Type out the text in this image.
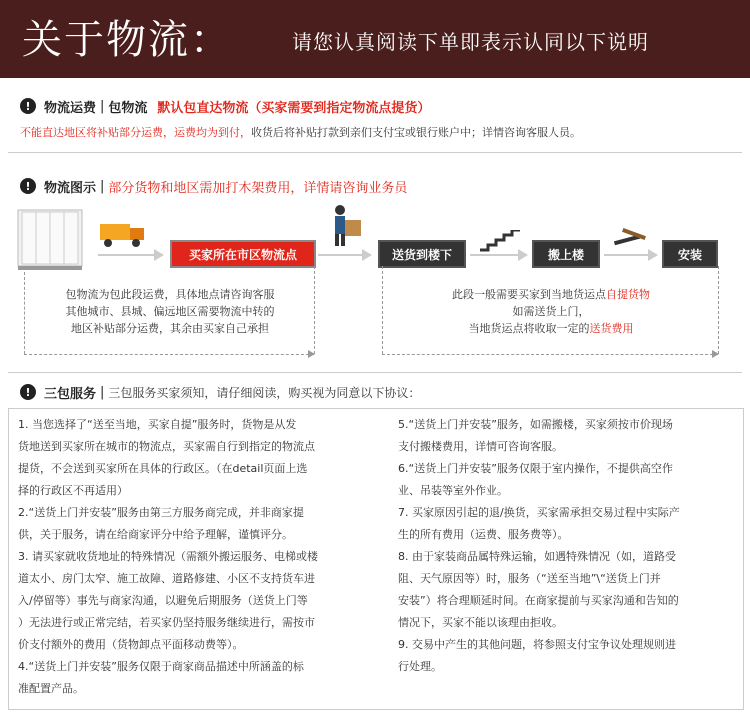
关于物流：	请您认真阅读下单即表示认同以下说明
!	物流运费 | 包物流 默认包直达物流（买家需要到指定物流点提货）
不能直达地区将补贴部分运费，运费均为到付，收货后将补贴打款到亲们支付宝或银行账户中；详情咨询客服人员。
!	物流图示 | 部分货物和地区需加打木架费用，详情请咨询业务员
买家所在市区物流点	送货到楼下	搬上楼	安装
包物流为包此段运费，具体地点请咨询客服
其他城市、县城、偏远地区需要物流中转的
地区补贴部分运费，其余由买家自己承担
此段一般需要买家到当地货运点自提货物
如需送货上门，
当地货运点将收取一定的送货费用
!	三包服务 | 三包服务买家须知，请仔细阅读，购买视为同意以下协议：

1. 当您选择了“送至当地，买家自提”服务时，货物是从发

货地送到买家所在城市的物流点，买家需自行到指定的物流点

提货，不会送到买家所在具体的行政区。（在detail页面上选

择的行政区不再适用）

2.“送货上门并安装”服务由第三方服务商完成，并非商家提

供，关于服务，请在给商家评分中给予理解，谨慎评分。

3. 请买家就收货地址的特殊情况（需额外搬运服务、电梯或楼

道太小、房门太窄、施工故障、道路修建、小区不支持货车进

入/停留等）事先与商家沟通，以避免后期服务（送货上门等

）无法进行或正常完结，若买家仍坚持服务继续进行，需按市

价支付额外的费用（货物卸点平面移动费等）。

4.“送货上门并安装”服务仅限于商家商品描述中所涵盖的标

准配置产品。

5.“送货上门并安装”服务，如需搬楼，买家须按市价现场

支付搬楼费用，详情可咨询客服。

6.“送货上门并安装”服务仅限于室内操作，不提供高空作

业、吊装等室外作业。

7. 买家原因引起的退/换货，买家需承担交易过程中实际产

生的所有费用（运费、服务费等）。

8. 由于家装商品属特殊运输，如遇特殊情况（如，道路受

阻、天气原因等）时，服务（“送至当地”\“送货上门并

安装”）将合理顺延时间。在商家提前与买家沟通和告知的

情况下，买家不能以该理由拒收。

9. 交易中产生的其他问题，将参照支付宝争议处理规则进

行处理。
